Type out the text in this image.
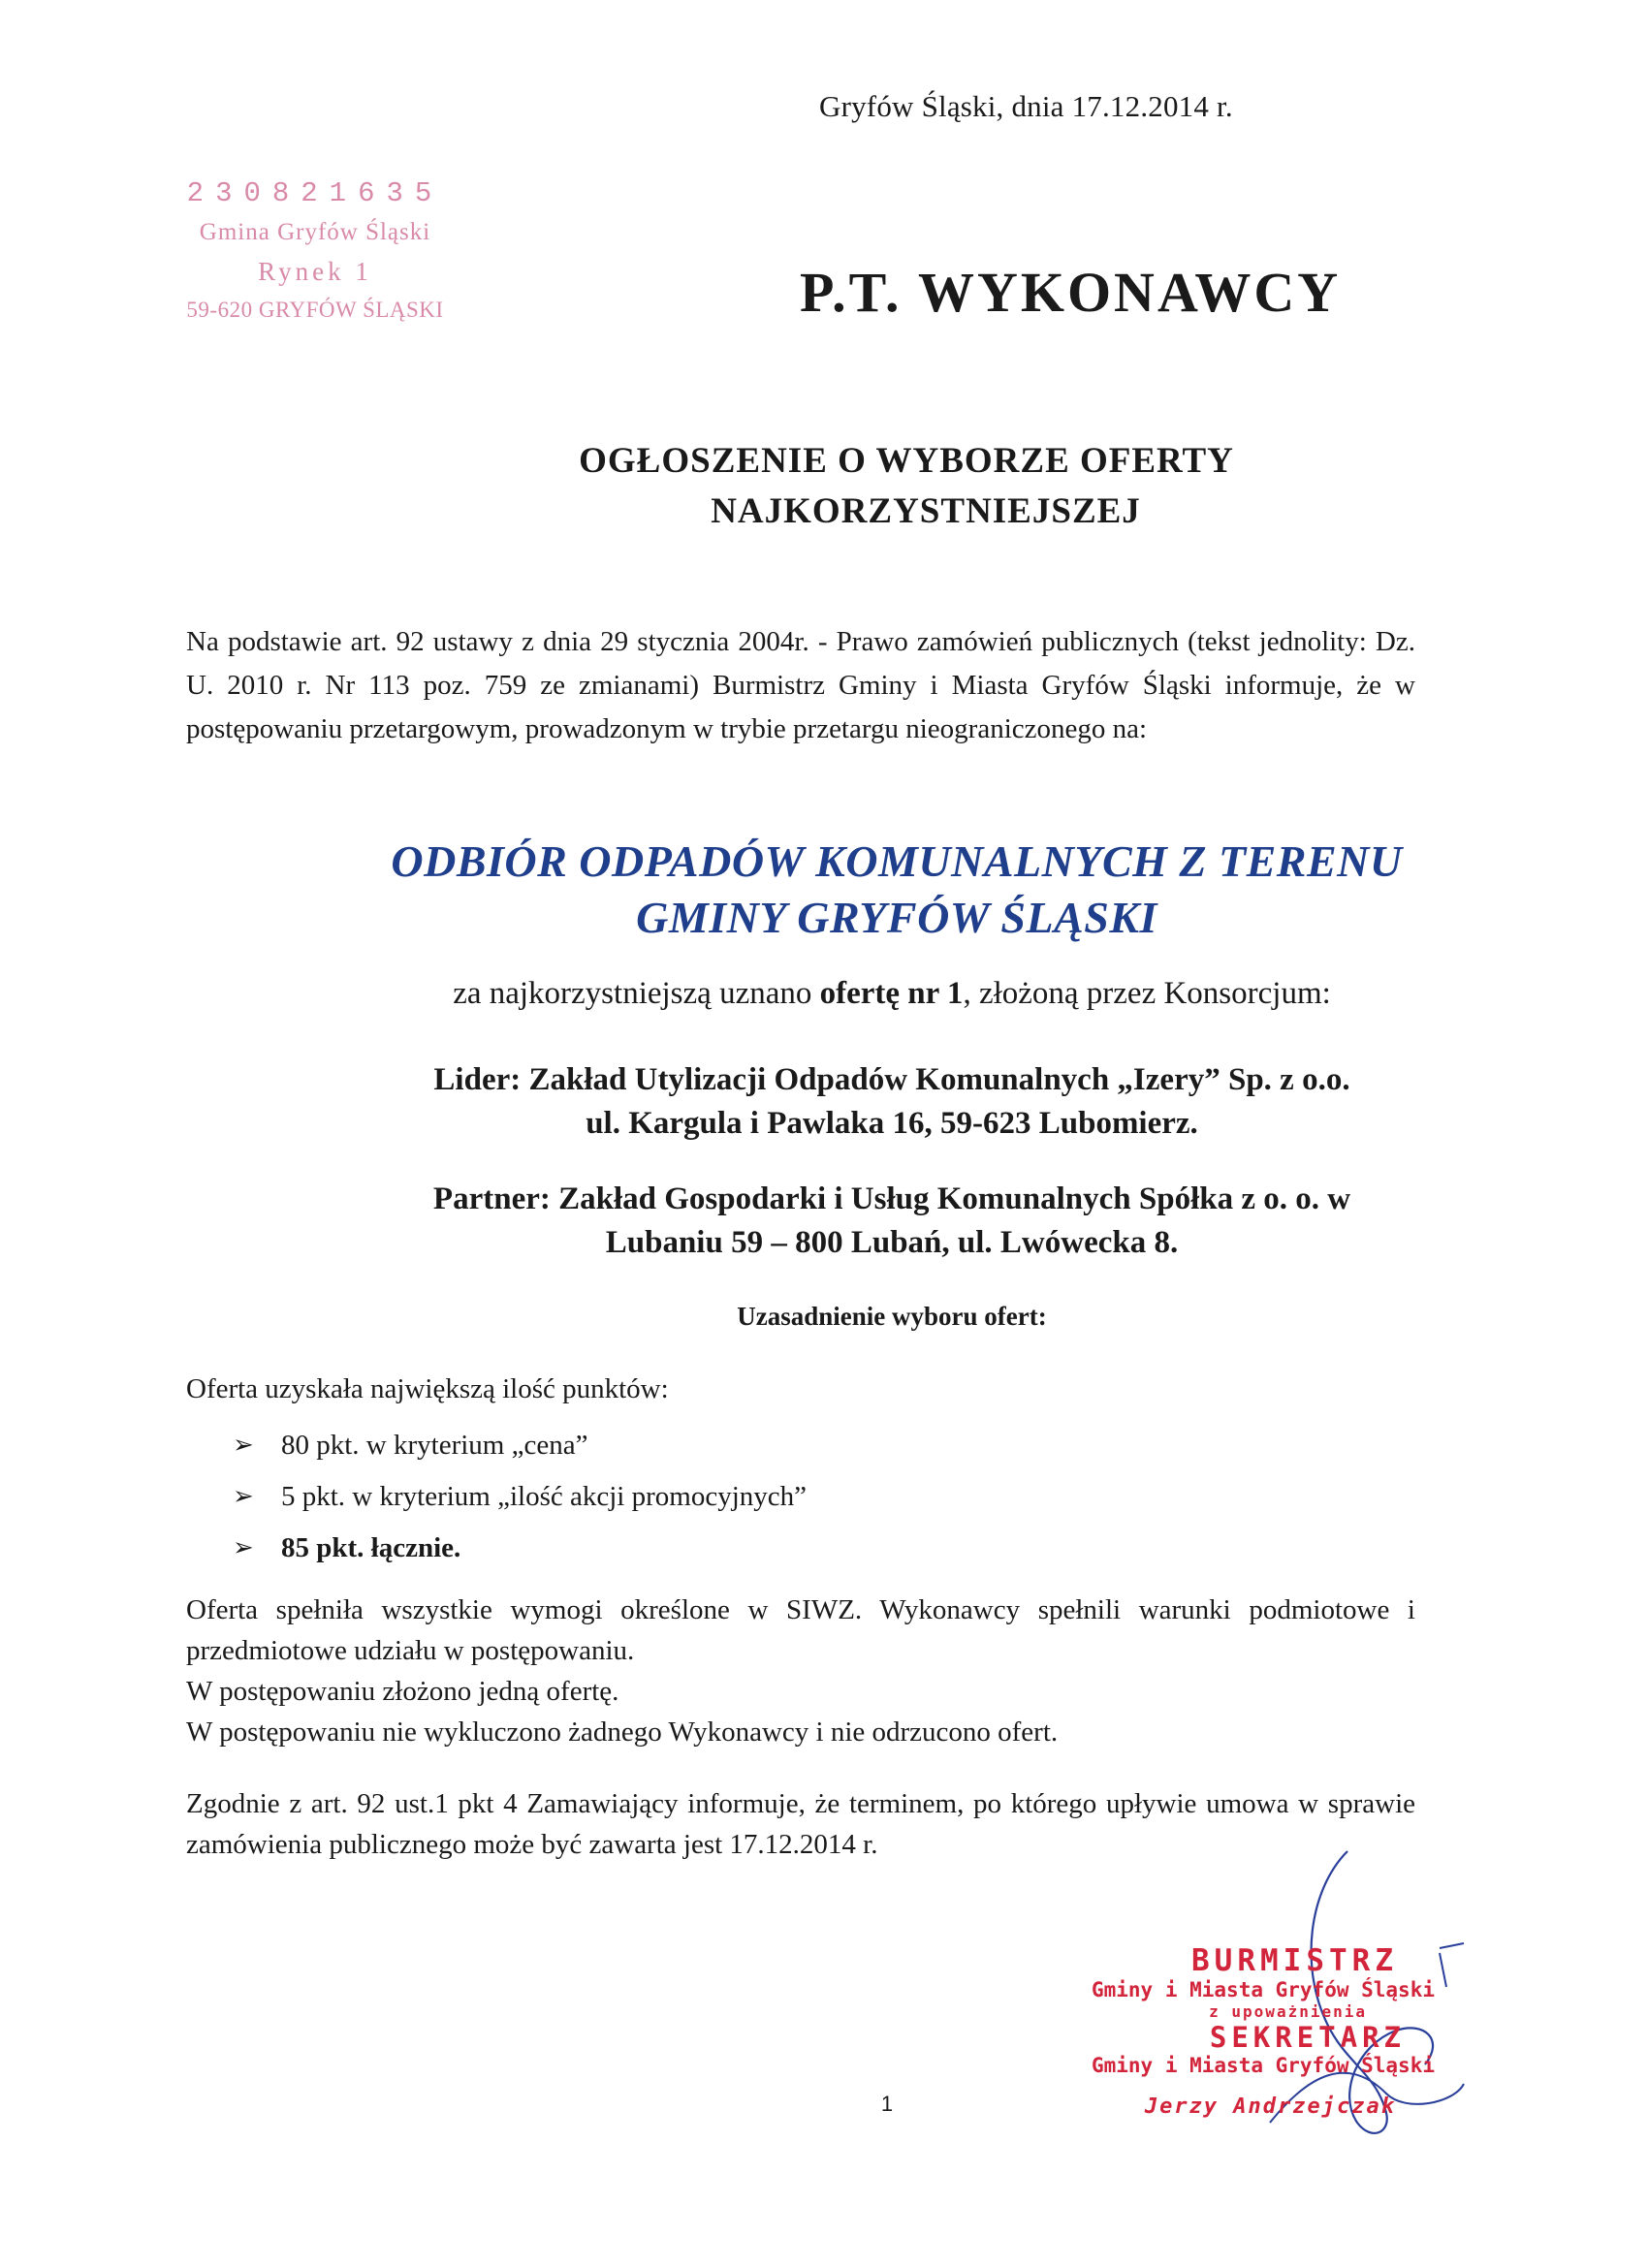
Gryfów Śląski, dnia 17.12.2014 r.
230821635
Gmina Gryfów Śląski
Rynek 1
59-620 GRYFÓW ŚLĄSKI	P.T. WYKONAWCY
OGŁOSZENIE O WYBORZE OFERTY
NAJKORZYSTNIEJSZEJ
Na podstawie art. 92 ustawy z dnia 29 stycznia 2004r. - Prawo zamówień publicznych (tekst jednolity: Dz. U. 2010 r. Nr 113 poz. 759 ze zmianami) Burmistrz Gminy i Miasta Gryfów Śląski informuje, że w postępowaniu przetargowym, prowadzonym w trybie przetargu nieograniczonego na:
ODBIÓR ODPADÓW KOMUNALNYCH Z TERENU
GMINY GRYFÓW ŚLĄSKI
za najkorzystniejszą uznano ofertę nr 1, złożoną przez Konsorcjum:
Lider: Zakład Utylizacji Odpadów Komunalnych „Izery” Sp. z o.o.
ul. Kargula i Pawlaka 16, 59-623 Lubomierz.
Partner: Zakład Gospodarki i Usług Komunalnych Spółka z o. o. w
Lubaniu 59 – 800 Lubań, ul. Lwówecka 8.
Uzasadnienie wyboru ofert:
Oferta uzyskała największą ilość punktów:
➢ 80 pkt. w kryterium „cena”
➢ 5 pkt. w kryterium „ilość akcji promocyjnych”
➢ 85 pkt. łącznie.

Oferta spełniła wszystkie wymogi określone w SIWZ. Wykonawcy spełnili warunki podmiotowe i przedmiotowe udziału w postępowaniu.

W postępowaniu złożono jedną ofertę.

W postępowaniu nie wykluczono żadnego Wykonawcy i nie odrzucono ofert.

Zgodnie z art. 92 ust.1 pkt 4 Zamawiający informuje, że terminem, po którego upływie umowa w sprawie zamówienia publicznego może być zawarta jest 17.12.2014 r.

BURMISTRZ
Gminy i Miasta Gryfów Śląski
z upoważnienia
SEKRETARZ
Gminy i Miasta Gryfów Śląski
Jerzy Andrzejczak
1
